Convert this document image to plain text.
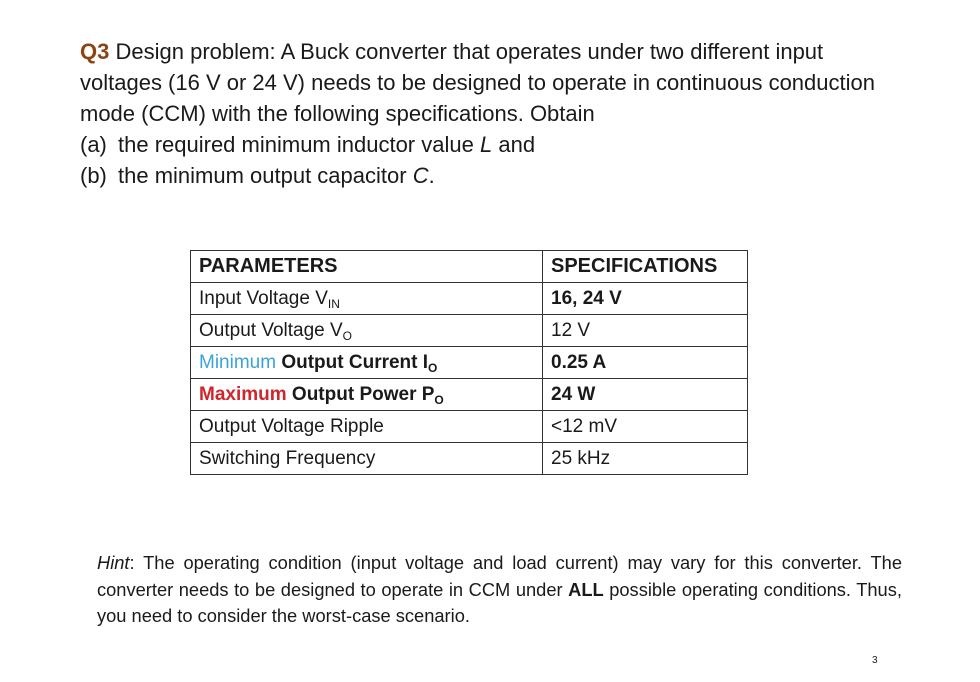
Q3 Design problem: A Buck converter that operates under two different input voltages (16 V or 24 V) needs to be designed to operate in continuous conduction mode (CCM) with the following specifications. Obtain
(a) the required minimum inductor value L and
(b) the minimum output capacitor C.
PARAMETERS	SPECIFICATIONS
Input Voltage $V_{IN}$	16, 24 V
Output Voltage $V_O$	12 V
Minimum Output Current $I_O$	0.25 A
Maximum Output Power $P_O$	24 W
Output Voltage Ripple	<12 mV
Switching Frequency	25 kHz
Hint: The operating condition (input voltage and load current) may vary for this converter. The converter needs to be designed to operate in CCM under ALL possible operating conditions. Thus, you need to consider the worst-case scenario.
3
